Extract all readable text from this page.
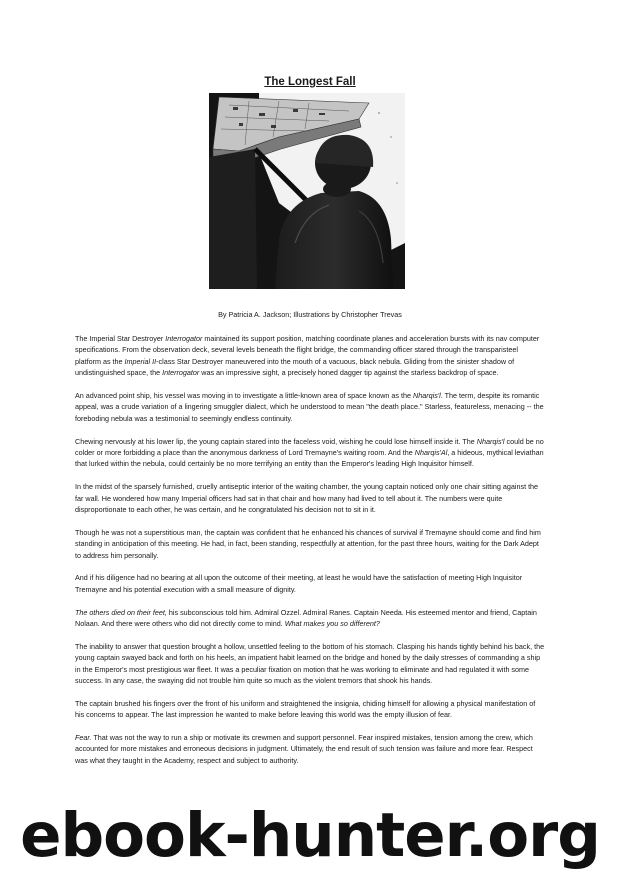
The Longest Fall
By Patricia A. Jackson; Illustrations by Christopher Trevas

The Imperial Star Destroyer Interrogator maintained its support position, matching coordinate planes and acceleration bursts with its nav computer specifications. From the observation deck, several levels beneath the flight bridge, the commanding officer stared through the transparisteel platform as the Imperial II-class Star Destroyer maneuvered into the mouth of a vacuous, black nebula. Gliding from the sinister shadow of undistinguished space, the Interrogator was an impressive sight, a precisely honed dagger tip against the starless backdrop of space.

An advanced point ship, his vessel was moving in to investigate a little-known area of space known as the Nharqis'l. The term, despite its romantic appeal, was a crude variation of a lingering smuggler dialect, which he understood to mean "the death place." Starless, featureless, menacing -- the foreboding nebula was a testimonial to seemingly endless continuity.

Chewing nervously at his lower lip, the young captain stared into the faceless void, wishing he could lose himself inside it. The Nharqis'l could be no colder or more forbidding a place than the anonymous darkness of Lord Tremayne's waiting room. And the Nharqis'Al, a hideous, mythical leviathan that lurked within the nebula, could certainly be no more terrifying an entity than the Emperor's leading High Inquisitor himself.

In the midst of the sparsely furnished, cruelly antiseptic interior of the waiting chamber, the young captain noticed only one chair sitting against the far wall. He wondered how many Imperial officers had sat in that chair and how many had lived to tell about it. The numbers were quite disproportionate to each other, he was certain, and he congratulated his decision not to sit in it.

Though he was not a superstitious man, the captain was confident that he enhanced his chances of survival if Tremayne should come and find him standing in anticipation of this meeting. He had, in fact, been standing, respectfully at attention, for the past three hours, waiting for the Dark Adept to address him personally.

And if his diligence had no bearing at all upon the outcome of their meeting, at least he would have the satisfaction of meeting High Inquisitor Tremayne and his potential execution with a small measure of dignity.

The others died on their feet, his subconscious told him. Admiral Ozzel. Admiral Ranes. Captain Needa. His esteemed mentor and friend, Captain Nolaan. And there were others who did not directly come to mind. What makes you so different?

The inability to answer that question brought a hollow, unsettled feeling to the bottom of his stomach. Clasping his hands tightly behind his back, the young captain swayed back and forth on his heels, an impatient habit learned on the bridge and honed by the daily stresses of commanding a ship in the Emperor's most prestigious war fleet. It was a peculiar fixation on motion that he was working to eliminate and had regulated it with some success. In any case, the swaying did not trouble him quite so much as the violent tremors that shook his hands.

The captain brushed his fingers over the front of his uniform and straightened the insignia, chiding himself for allowing a physical manifestation of his concerns to appear. The last impression he wanted to make before leaving this world was the empty illusion of fear.

Fear. That was not the way to run a ship or motivate its crewmen and support personnel. Fear inspired mistakes, tension among the crew, which accounted for more mistakes and erroneous decisions in judgment. Ultimately, the end result of such tension was failure and more fear. Respect was what they taught in the Academy, respect and subject to authority.

ebook-hunter.org
